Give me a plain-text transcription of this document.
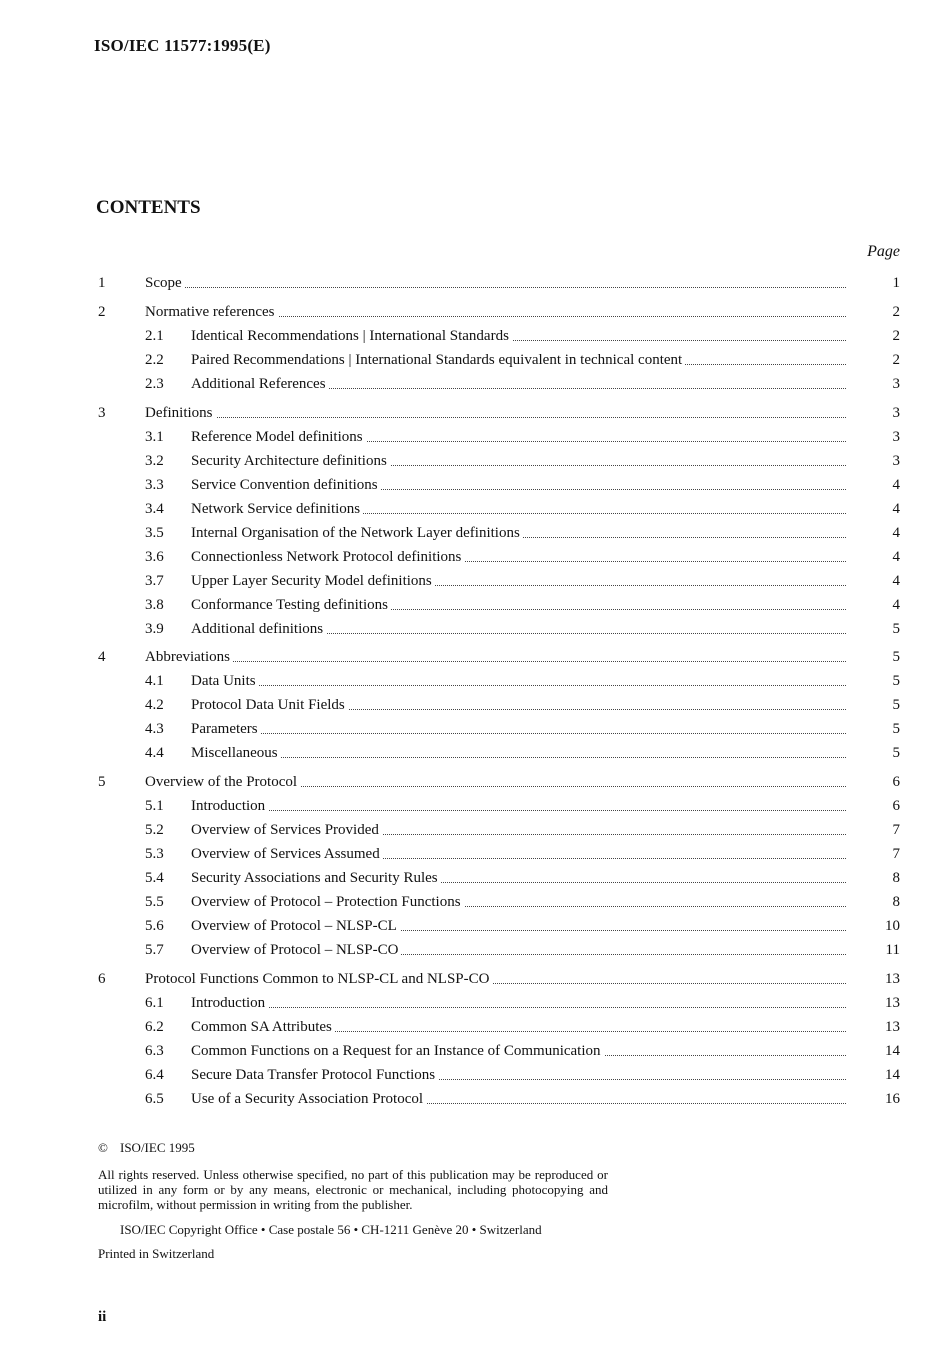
ISO/IEC 11577:1995(E)
CONTENTS
Page
1	Scope	1
2	Normative references	2
2.1 Identical Recommendations | International Standards	2
2.2 Paired Recommendations | International Standards equivalent in technical content	2
2.3 Additional References	3
3	Definitions	3
3.1 Reference Model definitions	3
3.2 Security Architecture definitions	3
3.3 Service Convention definitions	4
3.4 Network Service definitions	4
3.5 Internal Organisation of the Network Layer definitions	4
3.6 Connectionless Network Protocol definitions	4
3.7 Upper Layer Security Model definitions	4
3.8 Conformance Testing definitions	4
3.9 Additional definitions	5
4	Abbreviations	5
4.1 Data Units	5
4.2 Protocol Data Unit Fields	5
4.3 Parameters	5
4.4 Miscellaneous	5
5	Overview of the Protocol	6
5.1 Introduction	6
5.2 Overview of Services Provided	7
5.3 Overview of Services Assumed	7
5.4 Security Associations and Security Rules	8
5.5 Overview of Protocol – Protection Functions	8
5.6 Overview of Protocol – NLSP-CL	10
5.7 Overview of Protocol – NLSP-CO	11
6	Protocol Functions Common to NLSP-CL and NLSP-CO	13
6.1 Introduction	13
6.2 Common SA Attributes	13
6.3 Common Functions on a Request for an Instance of Communication	14
6.4 Secure Data Transfer Protocol Functions	14
6.5 Use of a Security Association Protocol	16
© ISO/IEC 1995
All rights reserved. Unless otherwise specified, no part of this publication may be reproduced or utilized in any form or by any means, electronic or mechanical, including photocopying and microfilm, without permission in writing from the publisher.
ISO/IEC Copyright Office • Case postale 56 • CH-1211 Genève 20 • Switzerland
Printed in Switzerland
ii
